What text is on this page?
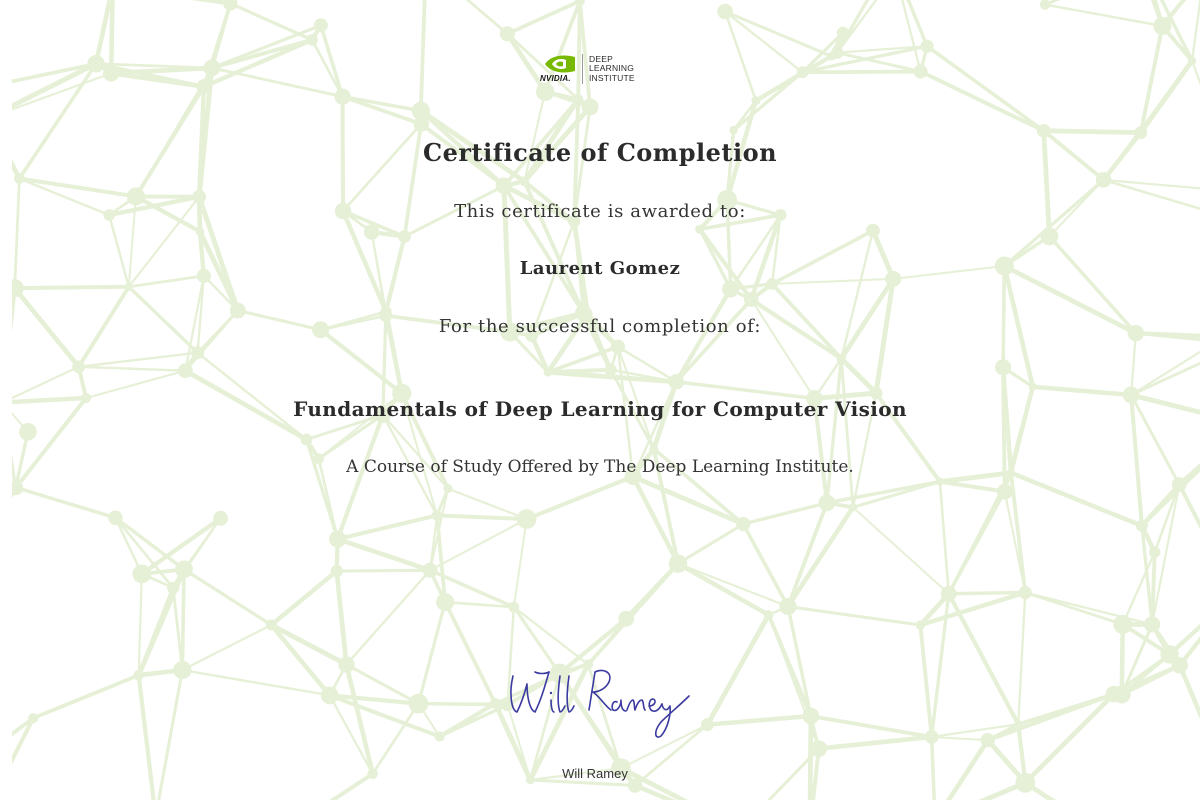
NVIDIA.
DEEP
LEARNING
INSTITUTE
Certificate of Completion
This certificate is awarded to:
Laurent Gomez
For the successful completion of:
Fundamentals of Deep Learning for Computer Vision
A Course of Study Offered by The Deep Learning Institute.
Will Ramey
